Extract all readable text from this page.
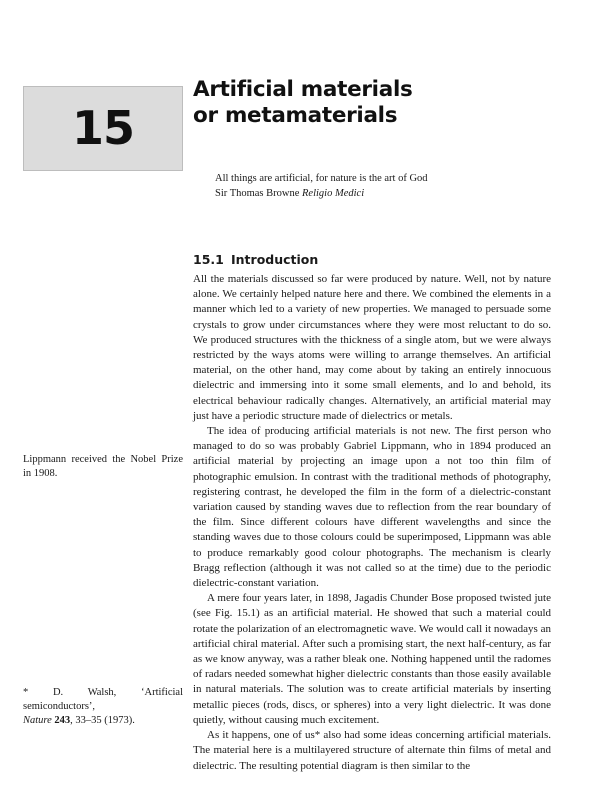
15
Artificial materials
or metamaterials
All things are artificial, for nature is the art of God
Sir Thomas Browne Religio Medici
15.1 Introduction

All the materials discussed so far were produced by nature. Well, not by nature alone. We certainly helped nature here and there. We combined the elements in a manner which led to a variety of new properties. We managed to persuade some crystals to grow under circumstances where they were most reluctant to do so. We produced structures with the thickness of a single atom, but we were always restricted by the ways atoms were willing to arrange themselves. An artificial material, on the other hand, may come about by taking an entirely innocuous dielectric and immersing into it some small elements, and lo and behold, its electrical behaviour radically changes. Alternatively, an artificial material may just have a periodic structure made of dielectrics or metals.

The idea of producing artificial materials is not new. The first person who managed to do so was probably Gabriel Lippmann, who in 1894 produced an artificial material by projecting an image upon a not too thin film of photographic emulsion. In contrast with the traditional methods of photography, registering contrast, he developed the film in the form of a dielectric-constant variation caused by standing waves due to reflection from the rear boundary of the film. Since different colours have different wavelengths and since the standing waves due to those colours could be superimposed, Lippmann was able to produce remarkably good colour photographs. The mechanism is clearly Bragg reflection (although it was not called so at the time) due to the periodic dielectric-constant variation.

A mere four years later, in 1898, Jagadis Chunder Bose proposed twisted jute (see Fig. 15.1) as an artificial material. He showed that such a material could rotate the polarization of an electromagnetic wave. We would call it nowadays an artificial chiral material. After such a promising start, the next half-century, as far as we know anyway, was a rather bleak one. Nothing happened until the radomes of radars needed somewhat higher dielectric constants than those easily available in natural materials. The solution was to create artificial materials by inserting metallic pieces (rods, discs, or spheres) into a very light dielectric. It was done quietly, without causing much excitement.

As it happens, one of us* also had some ideas concerning artificial materials. The material here is a multilayered structure of alternate thin films of metal and dielectric. The resulting potential diagram is then similar to the

Lippmann received the Nobel Prize in 1908.
* D. Walsh, ‘Artificial semiconductors’,
Nature 243, 33–35 (1973).
